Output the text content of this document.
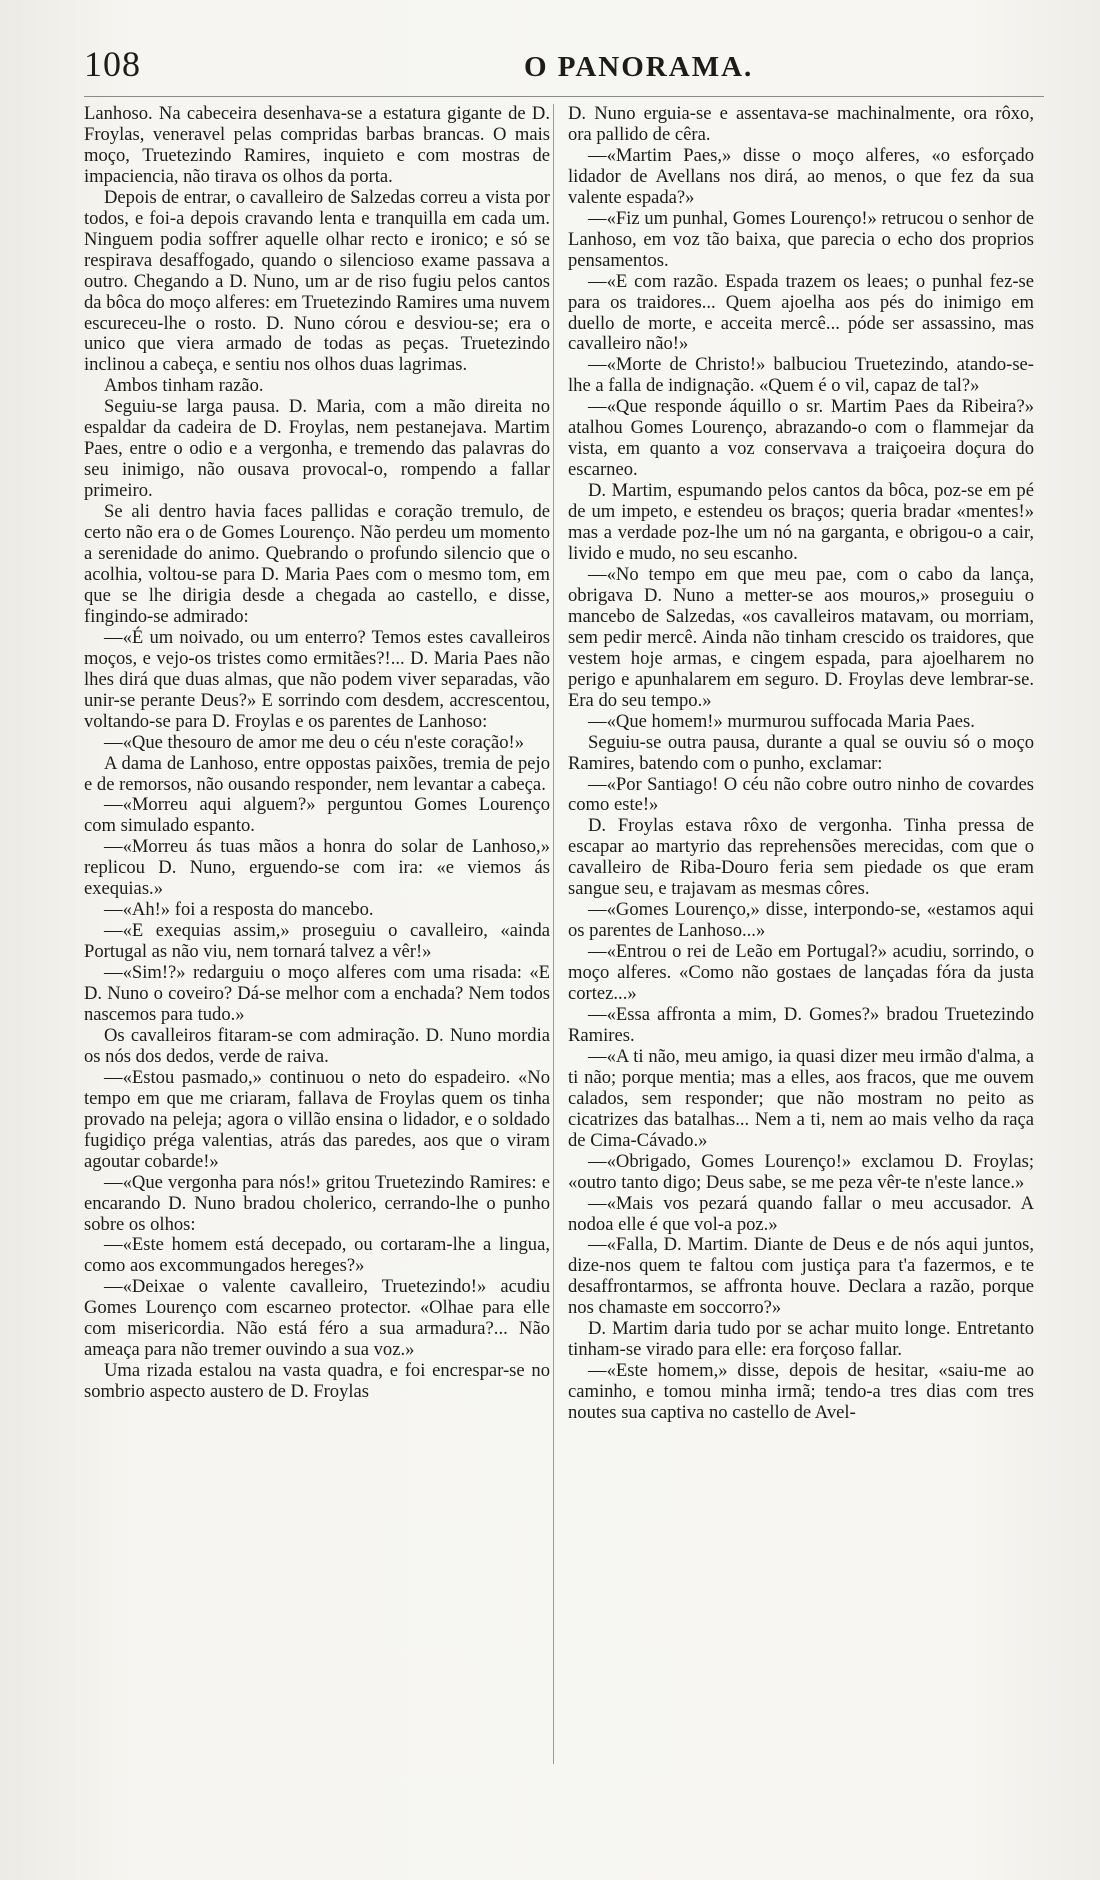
108	O PANORAMA.

Lanhoso. Na cabeceira desenhava-se a estatura gigante de D. Froylas, veneravel pelas compridas barbas brancas. O mais moço, Truetezindo Ramires, inquieto e com mostras de impaciencia, não tirava os olhos da porta.

Depois de entrar, o cavalleiro de Salzedas correu a vista por todos, e foi-a depois cravando lenta e tranquilla em cada um. Ninguem podia soffrer aquelle olhar recto e ironico; e só se respirava desaffogado, quando o silencioso exame passava a outro. Chegando a D. Nuno, um ar de riso fugiu pelos cantos da bôca do moço alferes: em Truetezindo Ramires uma nuvem escureceu-lhe o rosto. D. Nuno córou e desviou-se; era o unico que viera armado de todas as peças. Truetezindo inclinou a cabeça, e sentiu nos olhos duas lagrimas.

Ambos tinham razão.

Seguiu-se larga pausa. D. Maria, com a mão direita no espaldar da cadeira de D. Froylas, nem pestanejava. Martim Paes, entre o odio e a vergonha, e tremendo das palavras do seu inimigo, não ousava provocal-o, rompendo a fallar primeiro.

Se ali dentro havia faces pallidas e coração tremulo, de certo não era o de Gomes Lourenço. Não perdeu um momento a serenidade do animo. Quebrando o profundo silencio que o acolhia, voltou-se para D. Maria Paes com o mesmo tom, em que se lhe dirigia desde a chegada ao castello, e disse, fingindo-se admirado:

—«É um noivado, ou um enterro? Temos estes cavalleiros moços, e vejo-os tristes como ermitães?!... D. Maria Paes não lhes dirá que duas almas, que não podem viver separadas, vão unir-se perante Deus?» E sorrindo com desdem, accrescentou, voltando-se para D. Froylas e os parentes de Lanhoso:

—«Que thesouro de amor me deu o céu n'este coração!»

A dama de Lanhoso, entre oppostas paixões, tremia de pejo e de remorsos, não ousando responder, nem levantar a cabeça.

—«Morreu aqui alguem?» perguntou Gomes Lourenço com simulado espanto.

—«Morreu ás tuas mãos a honra do solar de Lanhoso,» replicou D. Nuno, erguendo-se com ira: «e viemos ás exequias.»

—«Ah!» foi a resposta do mancebo.

—«E exequias assim,» proseguiu o cavalleiro, «ainda Portugal as não viu, nem tornará talvez a vêr!»

—«Sim!?» redarguiu o moço alferes com uma risada: «E D. Nuno o coveiro? Dá-se melhor com a enchada? Nem todos nascemos para tudo.»

Os cavalleiros fitaram-se com admiração. D. Nuno mordia os nós dos dedos, verde de raiva.

—«Estou pasmado,» continuou o neto do espadeiro. «No tempo em que me criaram, fallava de Froylas quem os tinha provado na peleja; agora o villão ensina o lidador, e o soldado fugidiço préga valentias, atrás das paredes, aos que o viram agoutar cobarde!»

—«Que vergonha para nós!» gritou Truetezindo Ramires: e encarando D. Nuno bradou cholerico, cerrando-lhe o punho sobre os olhos:

—«Este homem está decepado, ou cortaram-lhe a lingua, como aos excommungados hereges?»

—«Deixae o valente cavalleiro, Truetezindo!» acudiu Gomes Lourenço com escarneo protector. «Olhae para elle com misericordia. Não está féro a sua armadura?... Não ameaça para não tremer ouvindo a sua voz.»

Uma rizada estalou na vasta quadra, e foi encrespar-se no sombrio aspecto austero de D. Froylas

D. Nuno erguia-se e assentava-se machinalmente, ora rôxo, ora pallido de cêra.

—«Martim Paes,» disse o moço alferes, «o esforçado lidador de Avellans nos dirá, ao menos, o que fez da sua valente espada?»

—«Fiz um punhal, Gomes Lourenço!» retrucou o senhor de Lanhoso, em voz tão baixa, que parecia o echo dos proprios pensamentos.

—«E com razão. Espada trazem os leaes; o punhal fez-se para os traidores... Quem ajoelha aos pés do inimigo em duello de morte, e acceita mercê... póde ser assassino, mas cavalleiro não!»

—«Morte de Christo!» balbuciou Truetezindo, atando-se-lhe a falla de indignação. «Quem é o vil, capaz de tal?»

—«Que responde áquillo o sr. Martim Paes da Ribeira?» atalhou Gomes Lourenço, abrazando-o com o flammejar da vista, em quanto a voz conservava a traiçoeira doçura do escarneo.

D. Martim, espumando pelos cantos da bôca, poz-se em pé de um impeto, e estendeu os braços; queria bradar «mentes!» mas a verdade poz-lhe um nó na garganta, e obrigou-o a cair, livido e mudo, no seu escanho.

—«No tempo em que meu pae, com o cabo da lança, obrigava D. Nuno a metter-se aos mouros,» proseguiu o mancebo de Salzedas, «os cavalleiros matavam, ou morriam, sem pedir mercê. Ainda não tinham crescido os traidores, que vestem hoje armas, e cingem espada, para ajoelharem no perigo e apunhalarem em seguro. D. Froylas deve lembrar-se. Era do seu tempo.»

—«Que homem!» murmurou suffocada Maria Paes.

Seguiu-se outra pausa, durante a qual se ouviu só o moço Ramires, batendo com o punho, exclamar:

—«Por Santiago! O céu não cobre outro ninho de covardes como este!»

D. Froylas estava rôxo de vergonha. Tinha pressa de escapar ao martyrio das reprehensões merecidas, com que o cavalleiro de Riba-Douro feria sem piedade os que eram sangue seu, e trajavam as mesmas côres.

—«Gomes Lourenço,» disse, interpondo-se, «estamos aqui os parentes de Lanhoso...»

—«Entrou o rei de Leão em Portugal?» acudiu, sorrindo, o moço alferes. «Como não gostaes de lançadas fóra da justa cortez...»

—«Essa affronta a mim, D. Gomes?» bradou Truetezindo Ramires.

—«A ti não, meu amigo, ia quasi dizer meu irmão d'alma, a ti não; porque mentia; mas a elles, aos fracos, que me ouvem calados, sem responder; que não mostram no peito as cicatrizes das batalhas... Nem a ti, nem ao mais velho da raça de Cima-Cávado.»

—«Obrigado, Gomes Lourenço!» exclamou D. Froylas; «outro tanto digo; Deus sabe, se me peza vêr-te n'este lance.»

—«Mais vos pezará quando fallar o meu accusador. A nodoa elle é que vol-a poz.»

—«Falla, D. Martim. Diante de Deus e de nós aqui juntos, dize-nos quem te faltou com justiça para t'a fazermos, e te desaffrontarmos, se affronta houve. Declara a razão, porque nos chamaste em soccorro?»

D. Martim daria tudo por se achar muito longe. Entretanto tinham-se virado para elle: era forçoso fallar.

—«Este homem,» disse, depois de hesitar, «saiu-me ao caminho, e tomou minha irmã; tendo-a tres dias com tres noutes sua captiva no castello de Avel-
